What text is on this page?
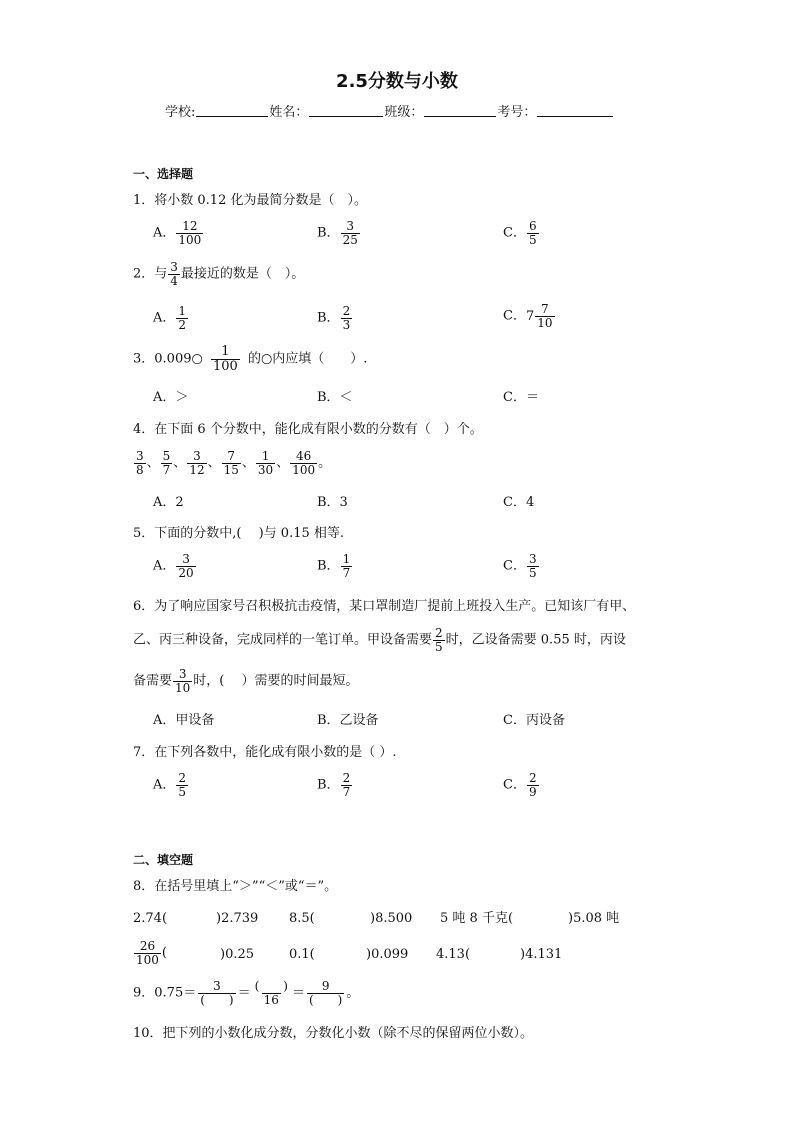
2.5分数与小数
学校:	姓名：	班级：	考号：
一、选择题
1．将小数 0.12 化为最简分数是（　）。
A． $\frac{12}{100}$	B． $\frac{3}{25}$	C． $\frac{6}{5}$
2．与 $\frac{3}{4}$ 最接近的数是（　）。
A． $\frac{1}{2}$	B． $\frac{2}{3}$	C． $7 \frac{7}{10}$
3．0.009○ $\frac{1}{100}$ 的○内应填（　　）.
A．＞	B．＜	C．＝
4．在下面 6 个分数中，能化成有限小数的分数有（　）个。
$\frac{3}{8}$ 、 $\frac{5}{7}$ 、 $\frac{3}{12}$ 、 $\frac{7}{15}$ 、 $\frac{1}{30}$ 、 $\frac{46}{100}$ 。
A．2	B．3	C．4
5．下面的分数中,(　 )与 0.15 相等.
A． $\frac{3}{20}$	B． $\frac{1}{7}$	C． $\frac{3}{5}$
6．为了响应国家号召积极抗击疫情，某口罩制造厂提前上班投入生产。已知该厂有甲、
乙、丙三种设备，完成同样的一笔订单。甲设备需要 $\frac{2}{5}$ 时，乙设备需要 0.55 时，丙设
备需要 $\frac{3}{10}$ 时，(　 ）需要的时间最短。
A．甲设备	B．乙设备	C．丙设备
7．在下列各数中，能化成有限小数的是（ ）.
A． $\frac{2}{5}$	B． $\frac{2}{7}$	C． $\frac{2}{9}$
二、填空题
8．在括号里填上“＞”“＜”或“＝”。
2.74(	)2.739 8.5(	)8.500 5 吨 8 千克(	)5.08 吨
$\frac{26}{100}$ (	)0.25	0.1(	)0.099 4.13(	)4.131
9．$0.75= \frac{3}{( )} = \frac{( )}{16} = \frac{9}{( )}$ 。
10．把下列的小数化成分数，分数化小数（除不尽的保留两位小数）。
